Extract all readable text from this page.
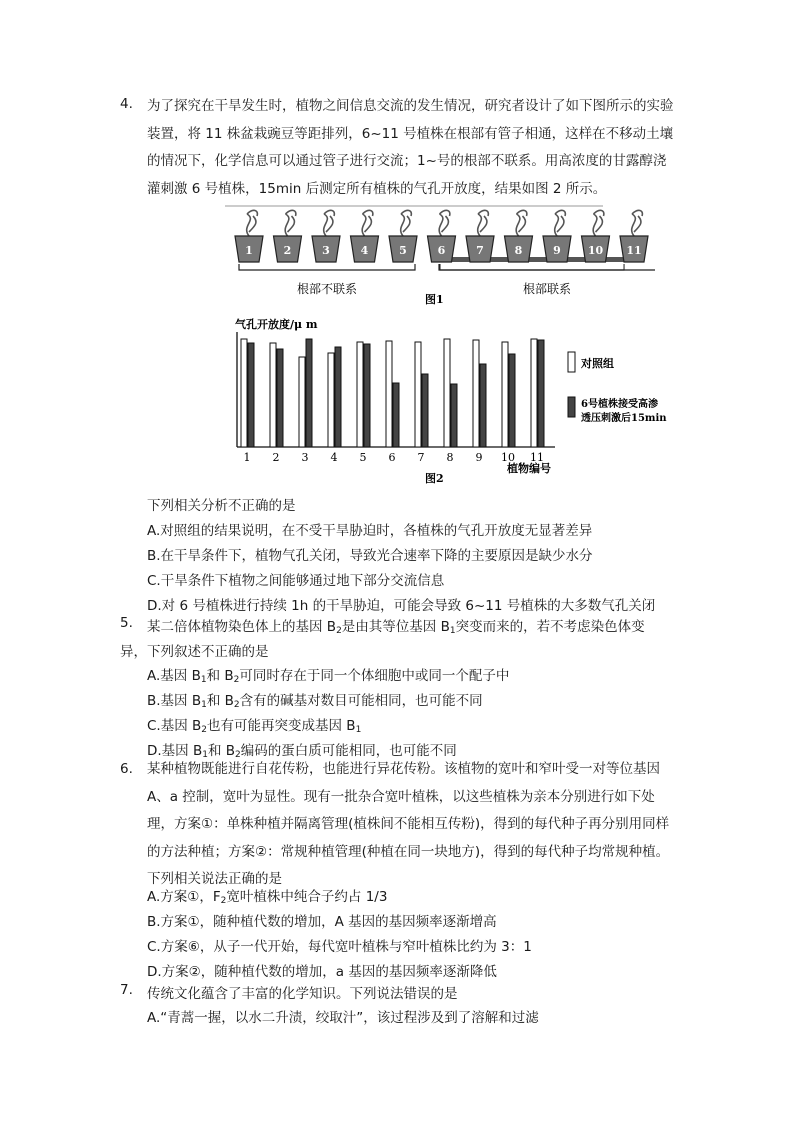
4. 为了探究在干旱发生时，植物之间信息交流的发生情况，研究者设计了如下图所示的实验装置，将 11 株盆栽豌豆等距排列，6~11 号植株在根部有管子相通，这样在不移动土壤的情况下，化学信息可以通过管子进行交流；1~号的根部不联系。用高浓度的甘露醇浇灌刺激 6 号植株，15min 后测定所有植株的气孔开放度，结果如图 2 所示。

1	2	3	4	5	6	7	8	9 10 11
根部不联系
图1
根部联系
气孔开放度/μ m
1 2 3 4 5 6 7 8 9 10 11
植物编号
图2
对照组
6号植株接受高渗
透压刺激后15min
下列相关分析不正确的是
A.对照组的结果说明，在不受干旱胁迫时，各植株的气孔开放度无显著差异
B.在干旱条件下，植物气孔关闭，导致光合速率下降的主要原因是缺少水分
C.干旱条件下植物之间能够通过地下部分交流信息
D.对 6 号植株进行持续 1h 的干旱胁迫，可能会导致 6~11 号植株的大多数气孔关闭
5. 某二倍体植物染色体上的基因 $B_2$是由其等位基因 $B_1$突变而来的，若不考虑染色体变
异，下列叙述不正确的是
A.基因 $B_1$和 $B_2$可同时存在于同一个体细胞中或同一个配子中
B.基因 $B_1$和 $B_2$含有的碱基对数目可能相同，也可能不同
C.基因 $B_2$也有可能再突变成基因 $B_1$
D.基因 $B_1$和 $B_2$编码的蛋白质可能相同，也可能不同
6. 某种植物既能进行自花传粉，也能进行异花传粉。该植物的宽叶和窄叶受一对等位基因 A、a 控制，宽叶为显性。现有一批杂合宽叶植株，以这些植株为亲本分别进行如下处理，方案①：单株种植并隔离管理(植株间不能相互传粉)，得到的每代种子再分别用同样的方法种植；方案②：常规种植管理(种植在同一块地方)，得到的每代种子均常规种植。下列相关说法正确的是

A.方案①，$F_2$宽叶植株中纯合子约占 1/3
B.方案①，随种植代数的增加，A 基因的基因频率逐渐增高
C.方案⑥，从子一代开始，每代宽叶植株与窄叶植株比约为 3：1
D.方案②，随种植代数的增加，a 基因的基因频率逐渐降低
7. 传统文化蕴含了丰富的化学知识。下列说法错误的是
A.“青蒿一握，以水二升渍，绞取汁”，该过程涉及到了溶解和过滤
